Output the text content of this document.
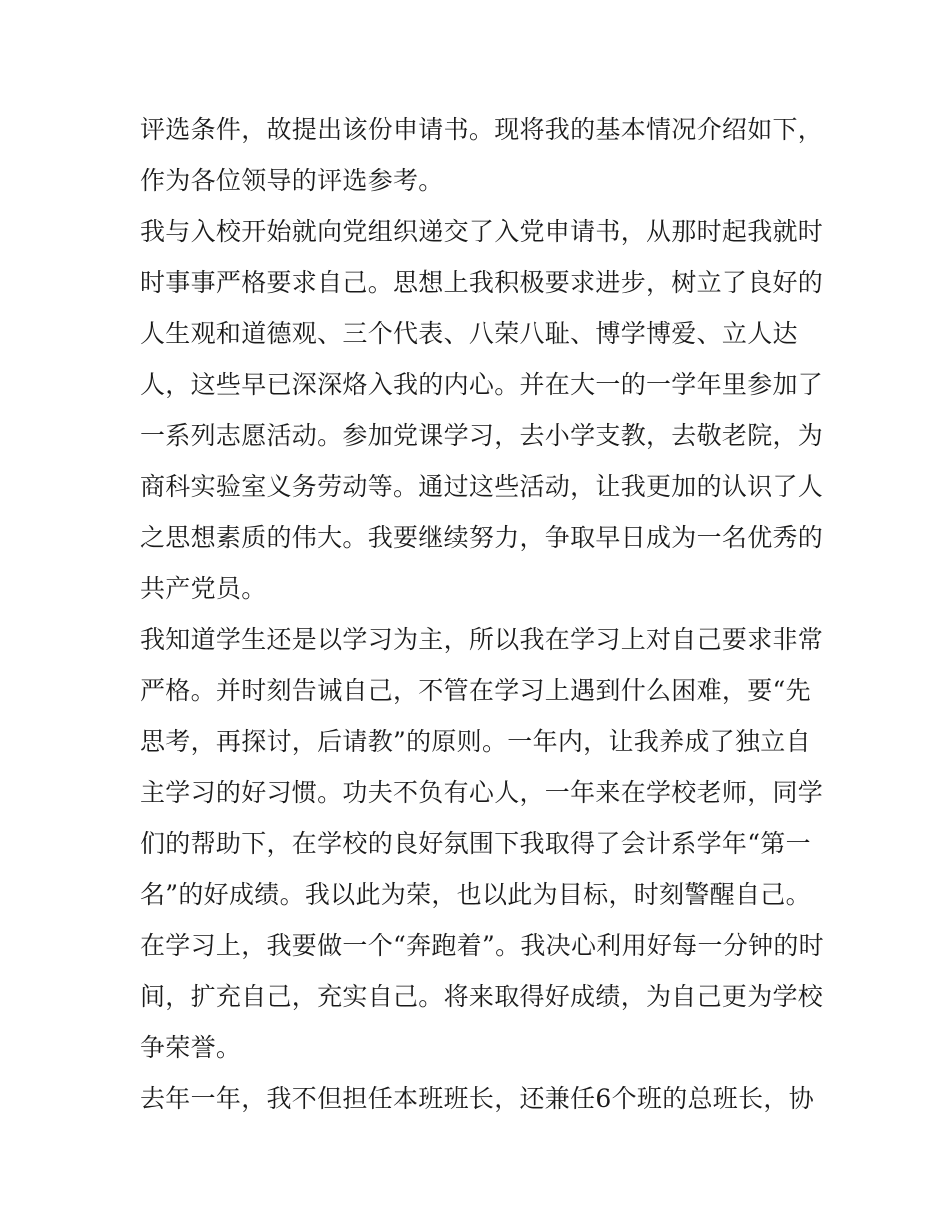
评选条件，故提出该份申请书。现将我的基本情况介绍如下，
作为各位领导的评选参考。
我与入校开始就向党组织递交了入党申请书，从那时起我就时
时事事严格要求自己。思想上我积极要求进步，树立了良好的
人生观和道德观、三个代表、八荣八耻、博学博爱、立人达
人，这些早已深深烙入我的内心。并在大一的一学年里参加了
一系列志愿活动。参加党课学习，去小学支教，去敬老院，为
商科实验室义务劳动等。通过这些活动，让我更加的认识了人
之思想素质的伟大。我要继续努力，争取早日成为一名优秀的
共产党员。
我知道学生还是以学习为主，所以我在学习上对自己要求非常
严格。并时刻告诫自己，不管在学习上遇到什么困难，要“先
思考，再探讨，后请教”的原则。一年内，让我养成了独立自
主学习的好习惯。功夫不负有心人，一年来在学校老师，同学
们的帮助下，在学校的良好氛围下我取得了会计系学年“第一
名”的好成绩。我以此为荣，也以此为目标，时刻警醒自己。
在学习上，我要做一个“奔跑着”。我决心利用好每一分钟的时
间，扩充自己，充实自己。将来取得好成绩，为自己更为学校
争荣誉。
去年一年，我不但担任本班班长，还兼任6个班的总班长，协
